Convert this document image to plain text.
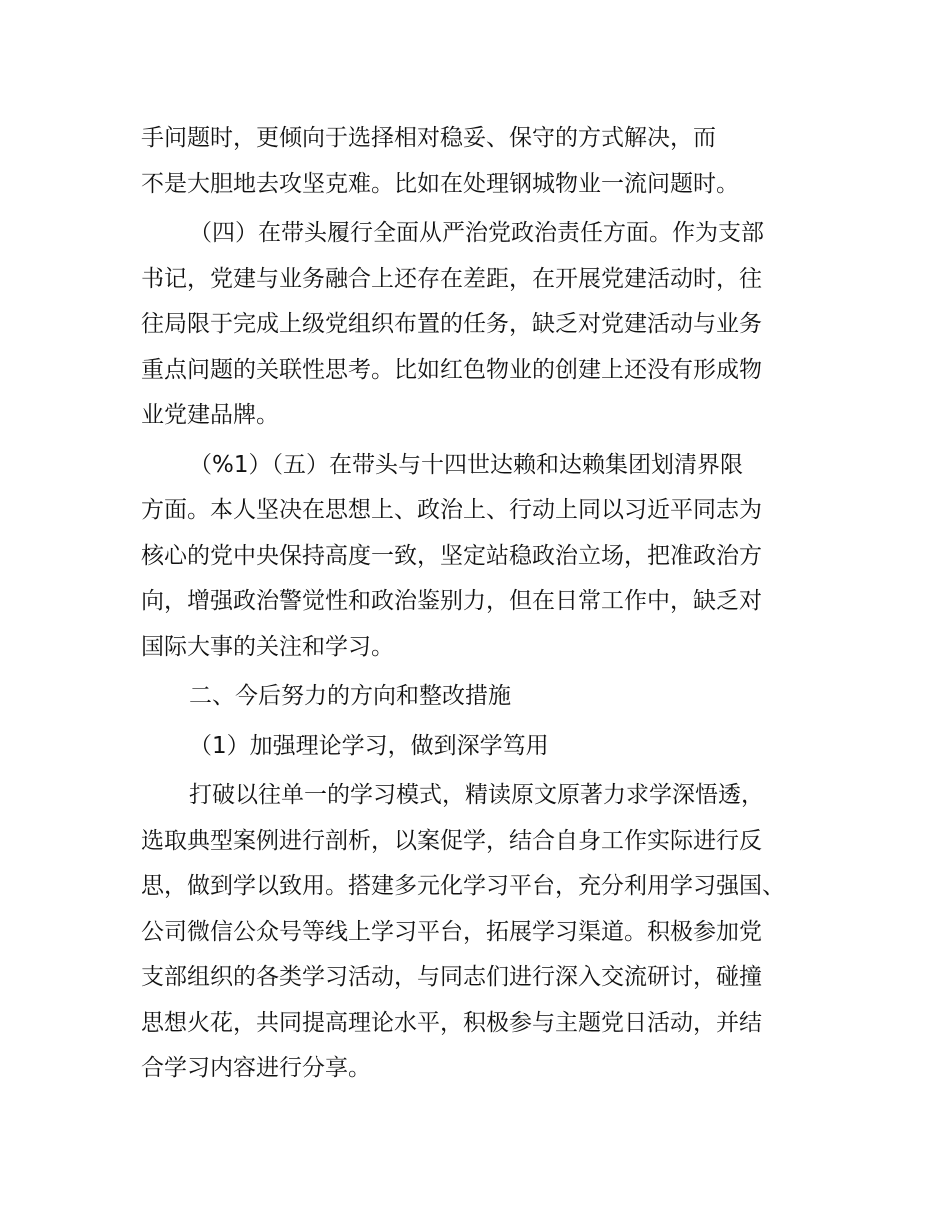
手问题时，更倾向于选择相对稳妥、保守的方式解决，而
不是大胆地去攻坚克难。比如在处理钢城物业一流问题时。
（四）在带头履行全面从严治党政治责任方面。作为支部
书记，党建与业务融合上还存在差距，在开展党建活动时，往
往局限于完成上级党组织布置的任务，缺乏对党建活动与业务
重点问题的关联性思考。比如红色物业的创建上还没有形成物
业党建品牌。
（%1）（五）在带头与十四世达赖和达赖集团划清界限
方面。本人坚决在思想上、政治上、行动上同以习近平同志为
核心的党中央保持高度一致，坚定站稳政治立场，把准政治方
向，增强政治警觉性和政治鉴别力，但在日常工作中，缺乏对
国际大事的关注和学习。
二、今后努力的方向和整改措施
（1）加强理论学习，做到深学笃用
打破以往单一的学习模式，精读原文原著力求学深悟透，
选取典型案例进行剖析，以案促学，结合自身工作实际进行反
思，做到学以致用。搭建多元化学习平台，充分利用学习强国、
公司微信公众号等线上学习平台，拓展学习渠道。积极参加党
支部组织的各类学习活动，与同志们进行深入交流研讨，碰撞
思想火花，共同提高理论水平，积极参与主题党日活动，并结
合学习内容进行分享。
